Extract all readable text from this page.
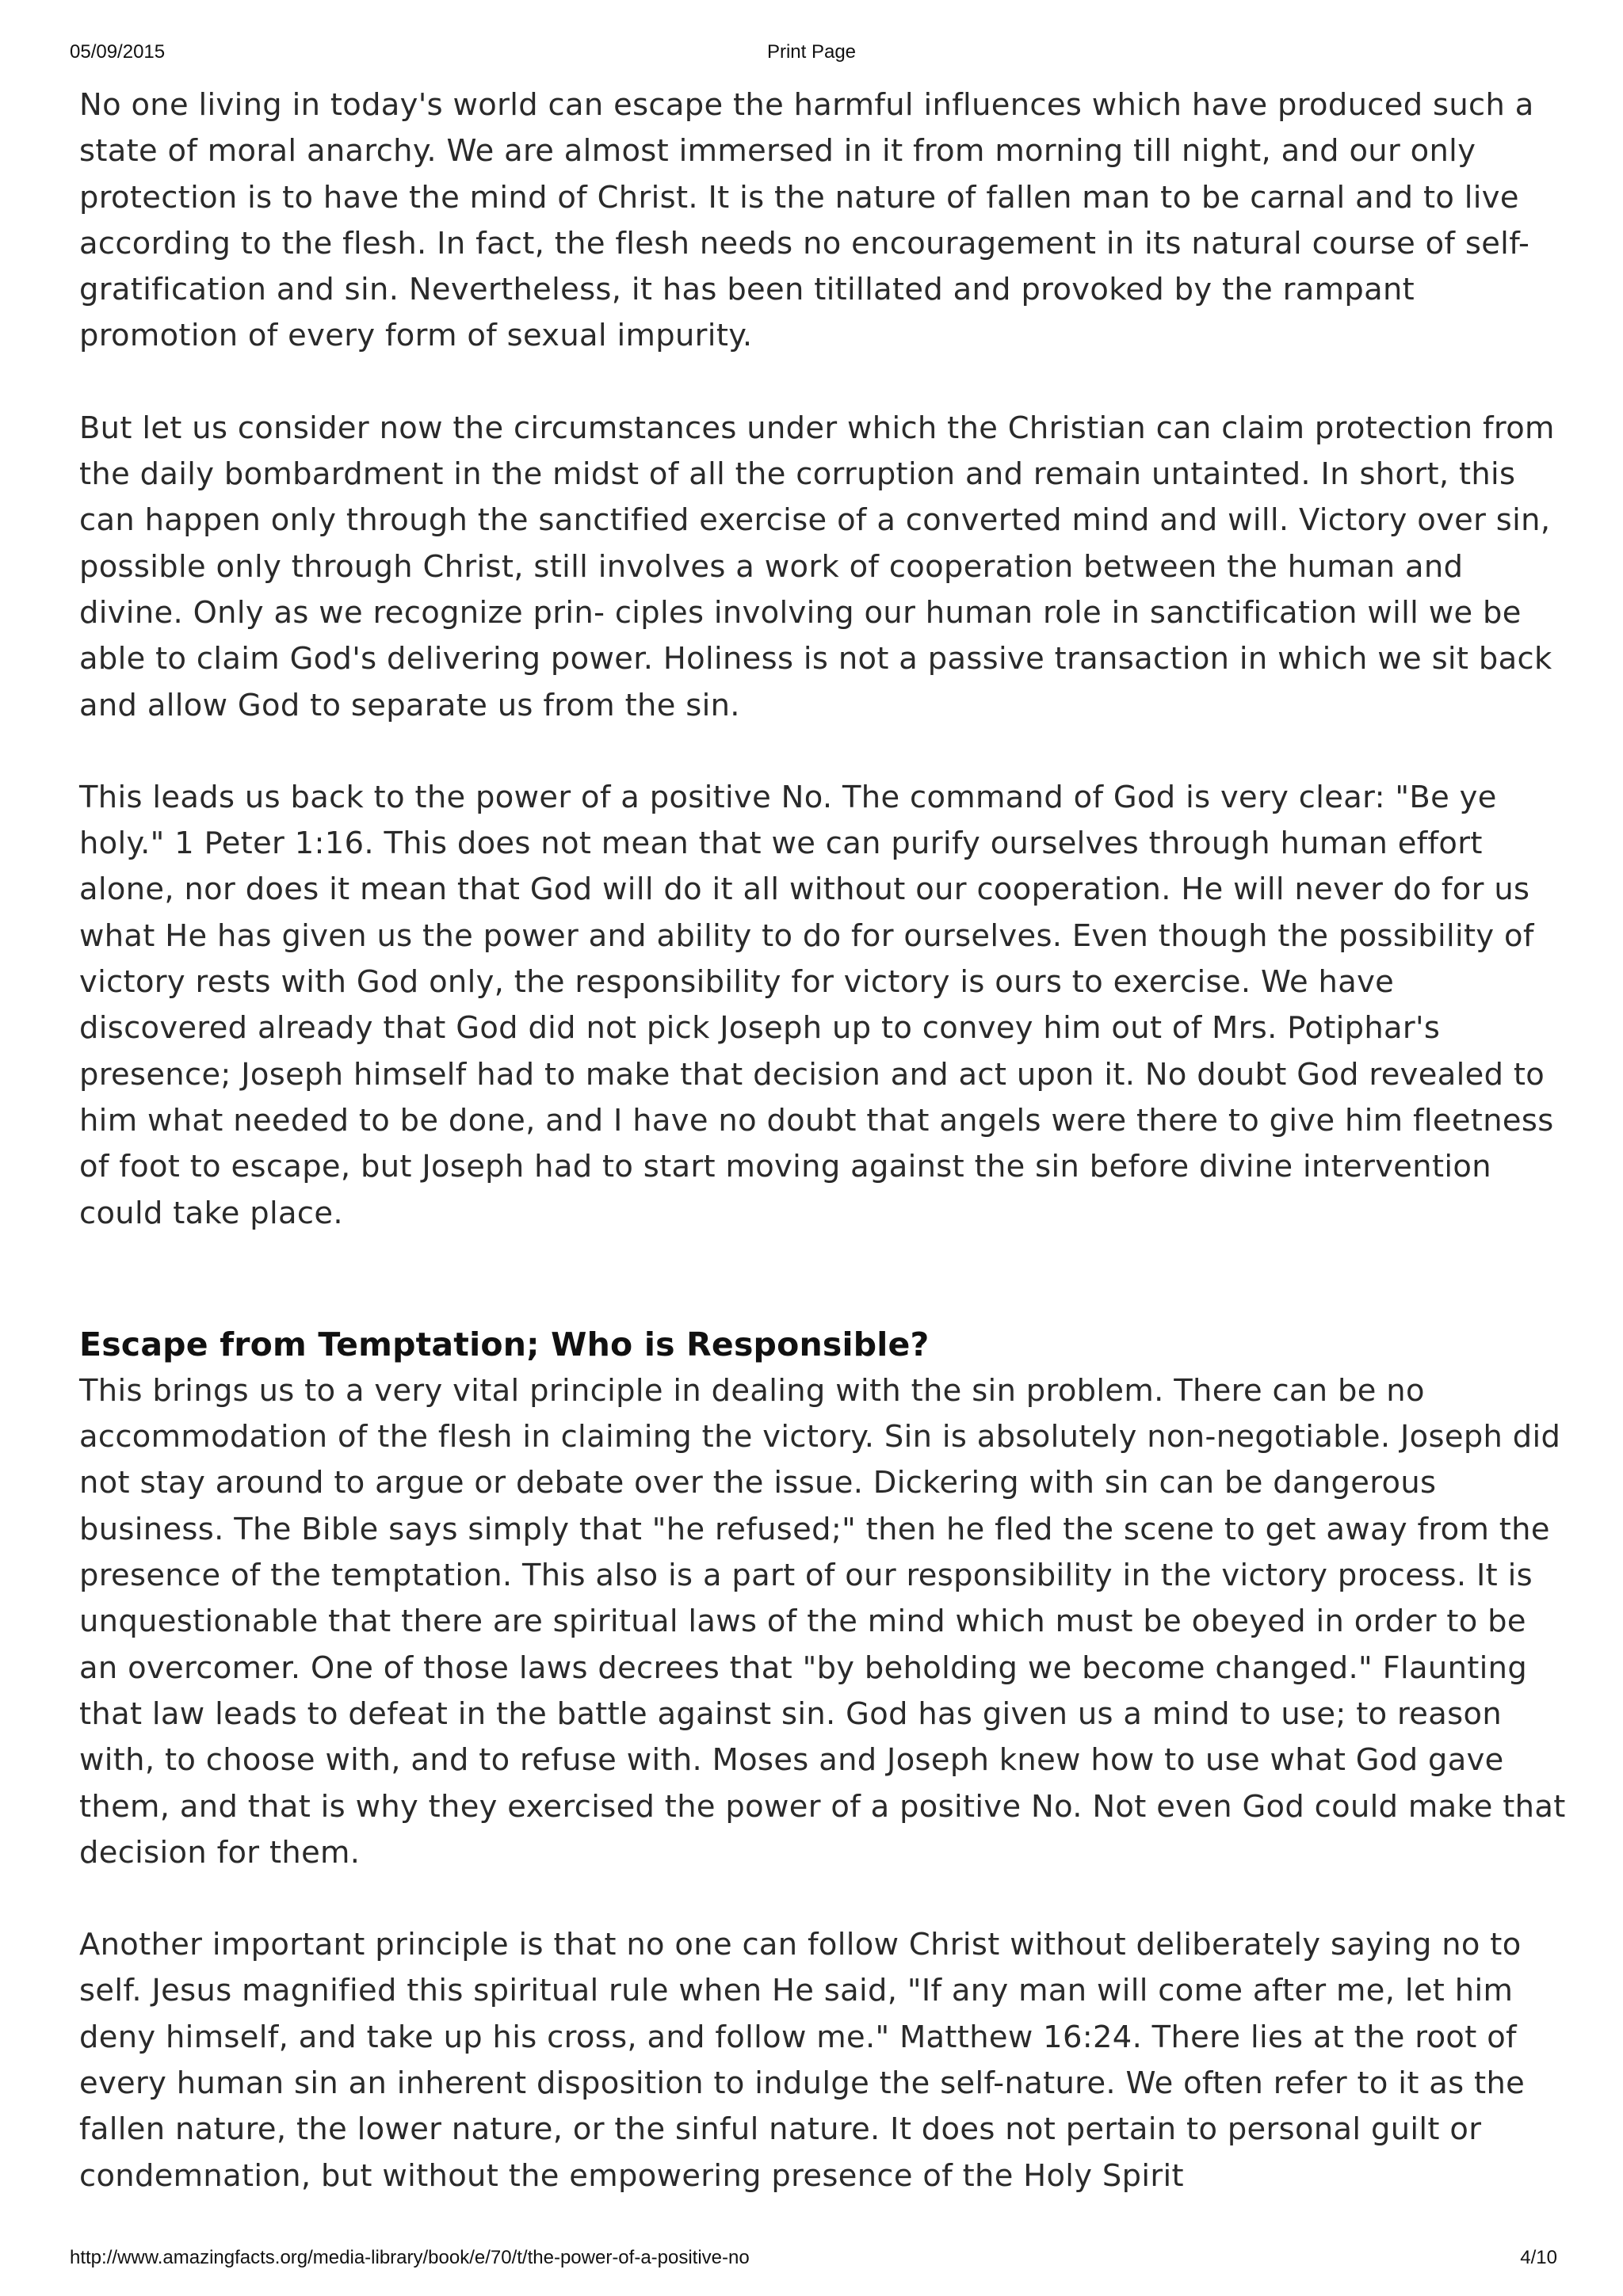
05/09/2015	Print Page

No one living in today's world can escape the harmful influences which have produced such a state of moral anarchy. We are almost immersed in it from morning till night, and our only protection is to have the mind of Christ. It is the nature of fallen man to be carnal and to live according to the flesh. In fact, the flesh needs no encouragement in its natural course of self-gratification and sin. Nevertheless, it has been titillated and provoked by the rampant promotion of every form of sexual impurity.

But let us consider now the circumstances under which the Christian can claim protection from the daily bombardment in the midst of all the corruption and remain untainted. In short, this can happen only through the sanctified exercise of a converted mind and will. Victory over sin, possible only through Christ, still involves a work of cooperation between the human and divine. Only as we recognize prin- ciples involving our human role in sanctification will we be able to claim God's delivering power. Holiness is not a passive transaction in which we sit back and allow God to separate us from the sin.

This leads us back to the power of a positive No. The command of God is very clear: "Be ye holy." 1 Peter 1:16. This does not mean that we can purify ourselves through human effort alone, nor does it mean that God will do it all without our cooperation. He will never do for us what He has given us the power and ability to do for ourselves. Even though the possibility of victory rests with God only, the responsibility for victory is ours to exercise. We have discovered already that God did not pick Joseph up to convey him out of Mrs. Potiphar's presence; Joseph himself had to make that decision and act upon it. No doubt God revealed to him what needed to be done, and I have no doubt that angels were there to give him fleetness of foot to escape, but Joseph had to start moving against the sin before divine intervention could take place.

Escape from Temptation; Who is Responsible?

This brings us to a very vital principle in dealing with the sin problem. There can be no accommodation of the flesh in claiming the victory. Sin is absolutely non-negotiable. Joseph did not stay around to argue or debate over the issue. Dickering with sin can be dangerous business. The Bible says simply that "he refused;" then he fled the scene to get away from the presence of the temptation. This also is a part of our responsibility in the victory process. It is unquestionable that there are spiritual laws of the mind which must be obeyed in order to be an overcomer. One of those laws decrees that "by beholding we become changed." Flaunting that law leads to defeat in the battle against sin. God has given us a mind to use; to reason with, to choose with, and to refuse with. Moses and Joseph knew how to use what God gave them, and that is why they exercised the power of a positive No. Not even God could make that decision for them.

Another important principle is that no one can follow Christ without deliberately saying no to self. Jesus magnified this spiritual rule when He said, "If any man will come after me, let him deny himself, and take up his cross, and follow me." Matthew 16:24. There lies at the root of every human sin an inherent disposition to indulge the self-nature. We often refer to it as the fallen nature, the lower nature, or the sinful nature. It does not pertain to personal guilt or condemnation, but without the empowering presence of the Holy Spirit

http://www.amazingfacts.org/media-library/book/e/70/t/the-power-of-a-positive-no	4/10
